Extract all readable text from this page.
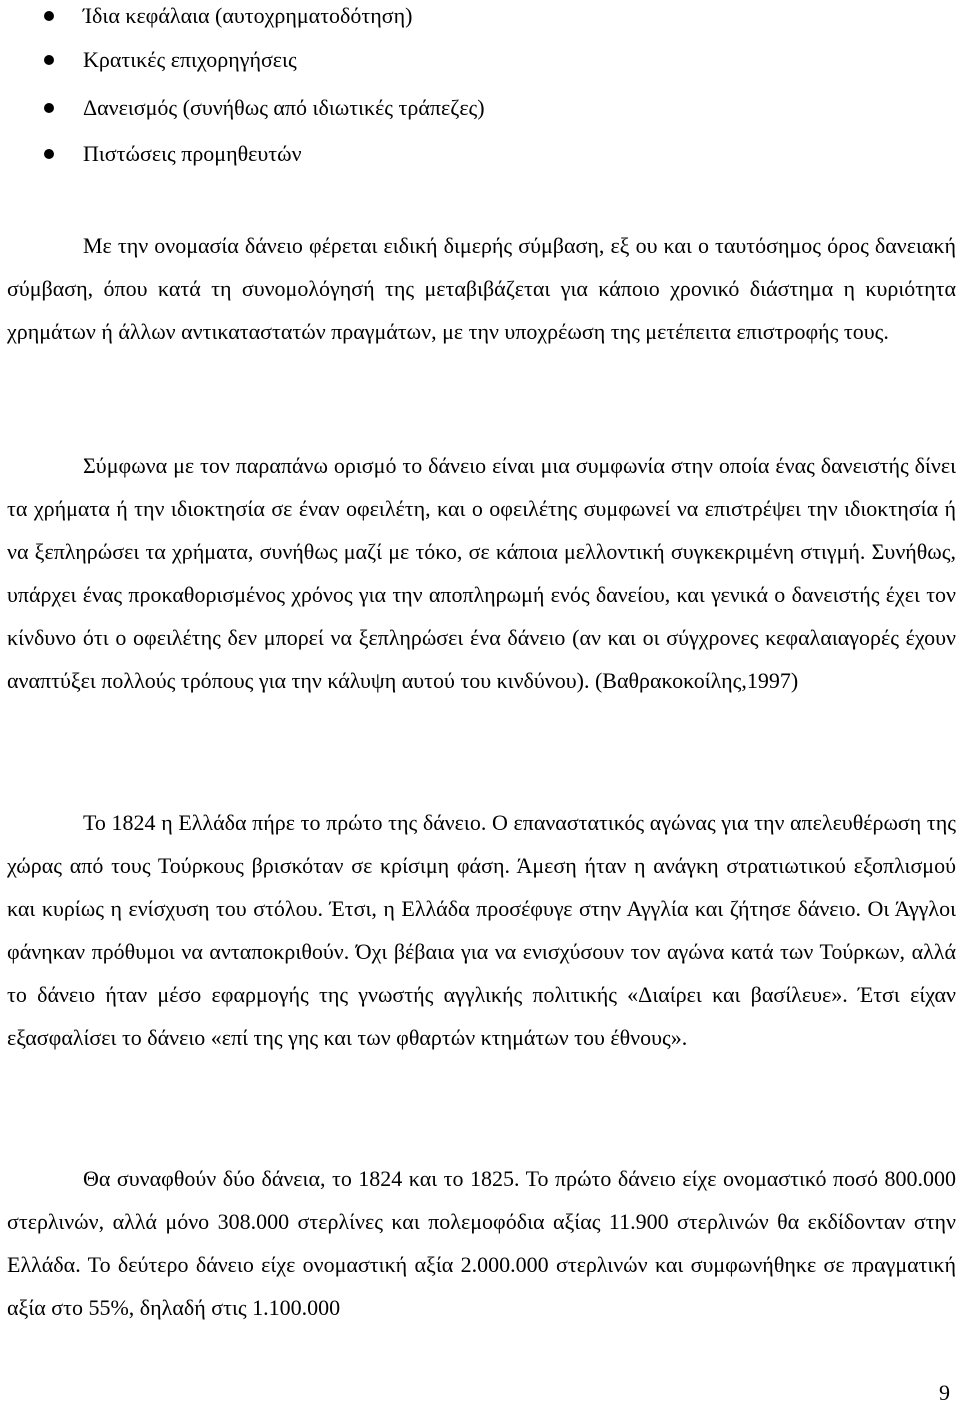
Ίδια κεφάλαια (αυτοχρηματοδότηση)
Κρατικές επιχορηγήσεις
Δανεισμός (συνήθως από ιδιωτικές τράπεζες)
Πιστώσεις προμηθευτών

Με την ονομασία δάνειο φέρεται ειδική διμερής σύμβαση, εξ ου και ο ταυτόσημος όρος δανειακή σύμβαση, όπου κατά τη συνομολόγησή της μεταβιβάζεται για κάποιο χρονικό διάστημα η κυριότητα χρημάτων ή άλλων αντικαταστατών πραγμάτων, με την υποχρέωση της μετέπειτα επιστροφής τους.

Σύμφωνα με τον παραπάνω ορισμό το δάνειο είναι μια συμφωνία στην οποία ένας δανειστής δίνει τα χρήματα ή την ιδιοκτησία σε έναν οφειλέτη, και ο οφειλέτης συμφωνεί να επιστρέψει την ιδιοκτησία ή να ξεπληρώσει τα χρήματα, συνήθως μαζί με τόκο, σε κάποια μελλοντική συγκεκριμένη στιγμή. Συνήθως, υπάρχει ένας προκαθορισμένος χρόνος για την αποπληρωμή ενός δανείου, και γενικά ο δανειστής έχει τον κίνδυνο ότι ο οφειλέτης δεν μπορεί να ξεπληρώσει ένα δάνειο (αν και οι σύγχρονες κεφαλαιαγορές έχουν αναπτύξει πολλούς τρόπους για την κάλυψη αυτού του κινδύνου). (Βαθρακοκοίλης,1997)

Το 1824 η Ελλάδα πήρε το πρώτο της δάνειο. Ο επαναστατικός αγώνας για την απελευθέρωση της χώρας από τους Τούρκους βρισκόταν σε κρίσιμη φάση. Άμεση ήταν η ανάγκη στρατιωτικού εξοπλισμού και κυρίως η ενίσχυση του στόλου. Έτσι, η Ελλάδα προσέφυγε στην Αγγλία και ζήτησε δάνειο. Οι Άγγλοι φάνηκαν πρόθυμοι να ανταποκριθούν. Όχι βέβαια για να ενισχύσουν τον αγώνα κατά των Τούρκων, αλλά το δάνειο ήταν μέσο εφαρμογής της γνωστής αγγλικής πολιτικής «Διαίρει και βασίλευε». Έτσι είχαν εξασφαλίσει το δάνειο «επί της γης και των φθαρτών κτημάτων του έθνους».

Θα συναφθούν δύο δάνεια, το 1824 και το 1825. Το πρώτο δάνειο είχε ονομαστικό ποσό 800.000 στερλινών, αλλά μόνο 308.000 στερλίνες και πολεμοφόδια αξίας 11.900 στερλινών θα εκδίδονταν στην Ελλάδα. Το δεύτερο δάνειο είχε ονομαστική αξία 2.000.000 στερλινών και συμφωνήθηκε σε πραγματική αξία στο 55%, δηλαδή στις 1.100.000

9
